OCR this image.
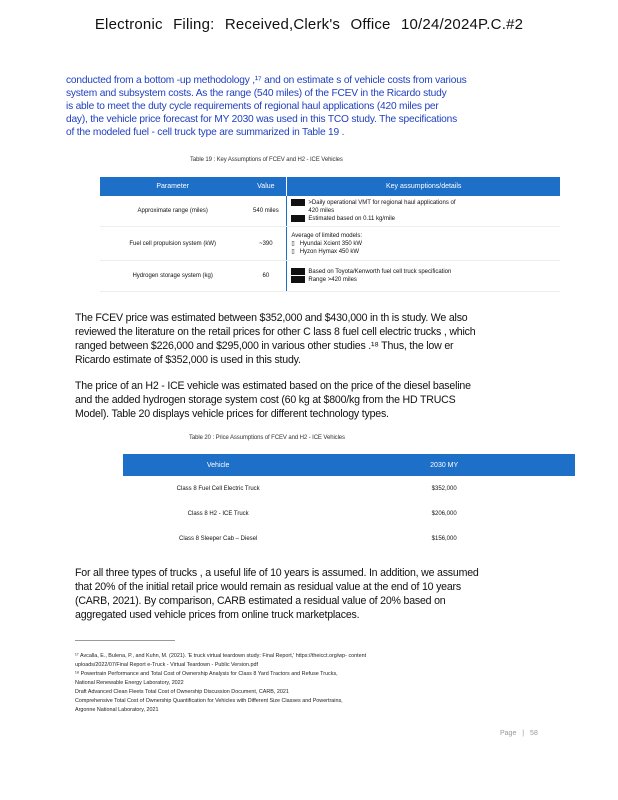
Electronic Filing: Received,Clerk's Office 10/24/2024P.C.#2
conducted from a bottom -up methodology ,¹⁷ and on estimate s of vehicle costs from various
system and subsystem costs. As the range (540 miles) of the FCEV in the Ricardo study
is able to meet the duty cycle requirements of regional haul applications (420 miles per
day), the vehicle price forecast for MY 2030 was used in this TCO study. The specifications
of the modeled fuel - cell truck type are summarized in Table 19 .
Table 19 : Key Assumptions of FCEV and H2 - ICE Vehicles
Parameter	Value	Key assumptions/details
Approximate range (miles)	540 miles	>Daily operational VMT for regional haul applications of
420 miles
Estimated based on 0.11 kg/mile

Fuel cell propulsion system (kW)	~390	Average of limited models:
▯   Hyundai Xcient 350 kW
▯   Hyzon Hymax 450 kW

Hydrogen storage system (kg)	60	Based on Toyota/Kenworth fuel cell truck specification
Range >420 miles
The FCEV price was estimated between $352,000 and $430,000 in th is study. We also
reviewed the literature on the retail prices for other C lass 8 fuel cell electric trucks , which
ranged between $226,000 and $295,000 in various other studies .¹⁸ Thus, the low er
Ricardo estimate of $352,000 is used in this study.
The price of an H2 - ICE vehicle was estimated based on the price of the diesel baseline
and the added hydrogen storage system cost (60 kg at $800/kg from the HD TRUCS
Model). Table 20 displays vehicle prices for different technology types.
Table 20 : Price Assumptions of FCEV and H2 - ICE Vehicles
Vehicle	2030 MY
Class 8 Fuel Cell Electric Truck	$352,000
Class 8 H2 - ICE Truck	$206,000
Class 8 Sleeper Cab – Diesel	$156,000
For all three types of trucks , a useful life of 10 years is assumed. In addition, we assumed
that 20% of the initial retail price would remain as residual value at the end of 10 years
(CARB, 2021). By comparison, CARB estimated a residual value of 20% based on
aggregated used vehicle prices from online truck marketplaces.
¹⁷ Avcalla, E., Bulena, P., and Kuhn, M. (2021). 'E truck virtual teardown study: Final Report,' https://theicct.org/wp- content
uploads/2022/07/Final Report e-Truck - Virtual Teardown - Public Version.pdf
¹⁸ Powertrain Performance and Total Cost of Ownership Analysis for Class 8 Yard Tractors and Refuse Trucks,
National Renewable Energy Laboratory, 2022
Draft Advanced Clean Fleets Total Cost of Ownership Discussion Document, CARB, 2021
Comprehensive Total Cost of Ownership Quantification for Vehicles with Different Size Classes and Powertrains,
Argonne National Laboratory, 2021
Page | 58
